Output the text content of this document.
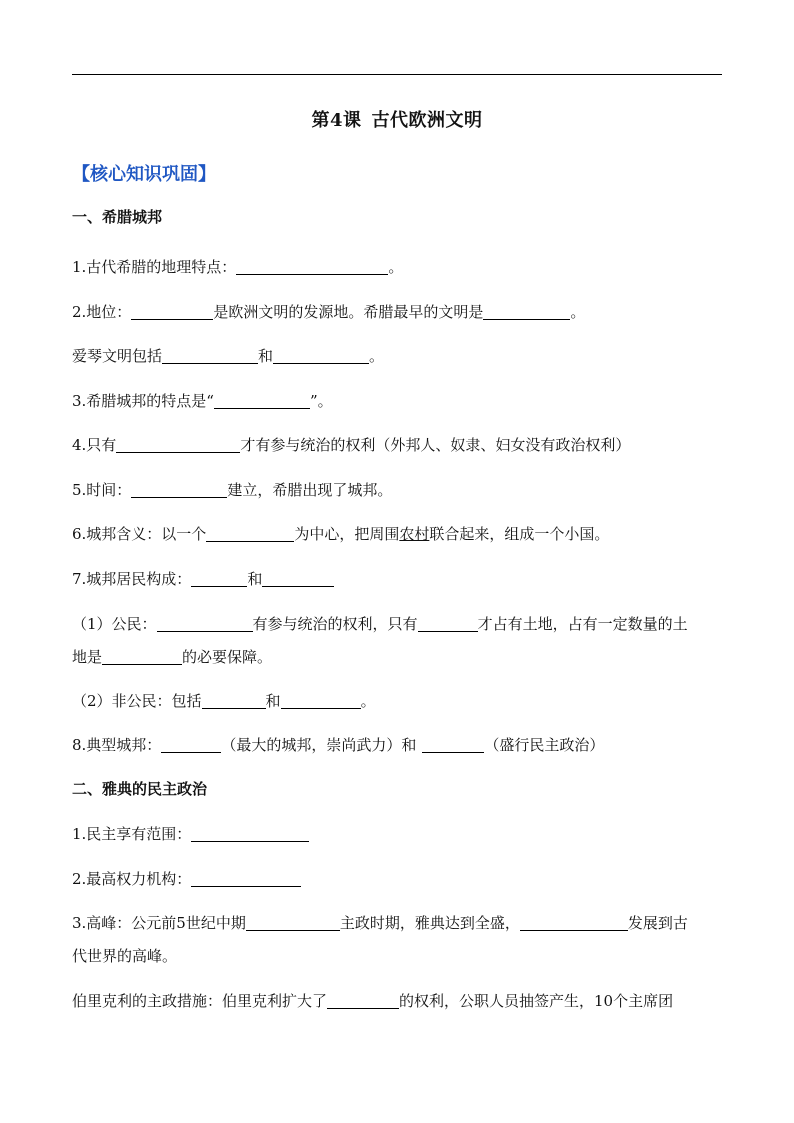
第4课 古代欧洲文明
【核心知识巩固】
一、希腊城邦
1.古代希腊的地理特点：	。
2.地位：	是欧洲文明的发源地。希腊最早的文明是	。
爱琴文明包括	和	。
3.希腊城邦的特点是“	”。
4.只有	才有参与统治的权利（外邦人、奴隶、妇女没有政治权利）
5.时间：	建立，希腊出现了城邦。
6.城邦含义：以一个	为中心，把周围农村联合起来，组成一个小国。
7.城邦居民构成：	和
（1）公民：	有参与统治的权利，只有	才占有土地，占有一定数量的土
地是	的必要保障。
（2）非公民：包括	和	。
8.典型城邦：	（最大的城邦，崇尚武力）和	（盛行民主政治）
二、雅典的民主政治
1.民主享有范围：
2.最高权力机构：
3.高峰：公元前5世纪中期	主政时期，雅典达到全盛，	发展到古
代世界的高峰。
伯里克利的主政措施：伯里克利扩大了	的权利，公职人员抽签产生，10个主席团
